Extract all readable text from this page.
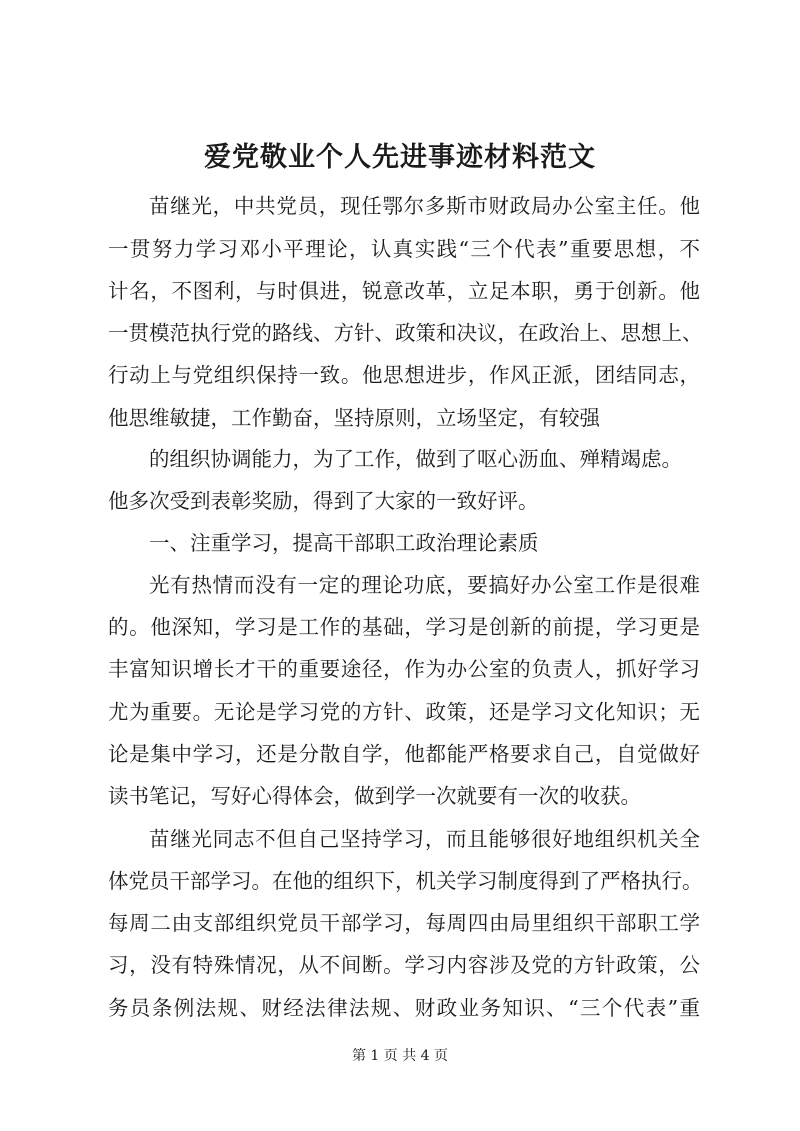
爱党敬业个人先进事迹材料范文
苗继光，中共党员，现任鄂尔多斯市财政局办公室主任。他
一贯努力学习邓小平理论，认真实践“三个代表”重要思想，不
计名，不图利，与时俱进，锐意改革，立足本职，勇于创新。他
一贯模范执行党的路线、方针、政策和决议，在政治上、思想上、
行动上与党组织保持一致。他思想进步，作风正派，团结同志，
他思维敏捷，工作勤奋，坚持原则，立场坚定，有较强
的组织协调能力，为了工作，做到了呕心沥血、殚精竭虑。
他多次受到表彰奖励，得到了大家的一致好评。
一、注重学习，提高干部职工政治理论素质
光有热情而没有一定的理论功底，要搞好办公室工作是很难
的。他深知，学习是工作的基础，学习是创新的前提，学习更是
丰富知识增长才干的重要途径，作为办公室的负责人，抓好学习
尤为重要。无论是学习党的方针、政策，还是学习文化知识；无
论是集中学习，还是分散自学，他都能严格要求自己，自觉做好
读书笔记，写好心得体会，做到学一次就要有一次的收获。
苗继光同志不但自己坚持学习，而且能够很好地组织机关全
体党员干部学习。在他的组织下，机关学习制度得到了严格执行。
每周二由支部组织党员干部学习，每周四由局里组织干部职工学
习，没有特殊情况，从不间断。学习内容涉及党的方针政策，公
务员条例法规、财经法律法规、财政业务知识、“三个代表”重
第 1 页 共 4 页
